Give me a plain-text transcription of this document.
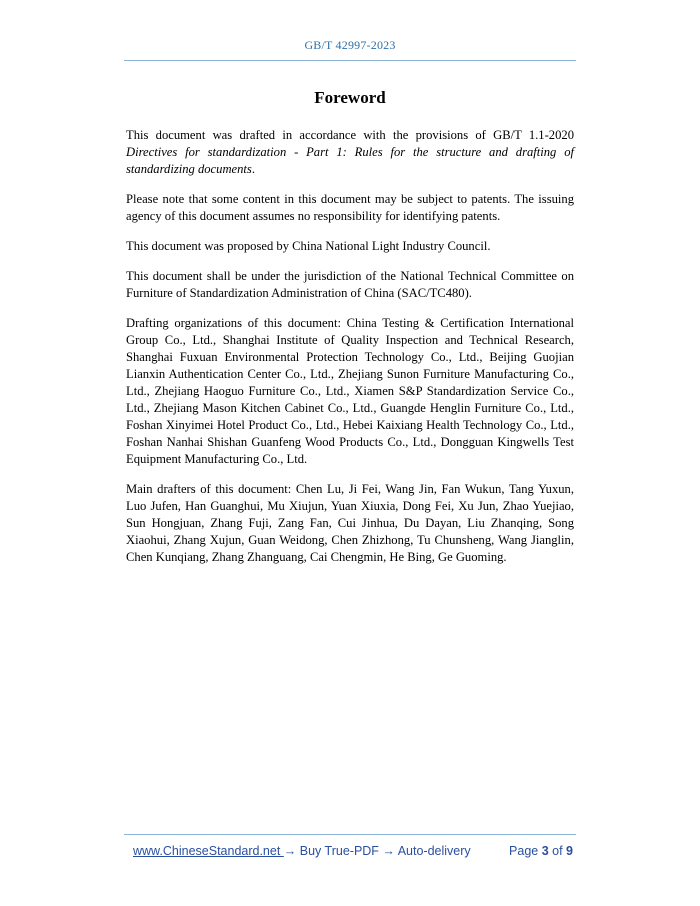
GB/T 42997-2023
Foreword

This document was drafted in accordance with the provisions of GB/T 1.1-2020 Directives for standardization - Part 1: Rules for the structure and drafting of standardizing documents.

Please note that some content in this document may be subject to patents. The issuing agency of this document assumes no responsibility for identifying patents.

This document was proposed by China National Light Industry Council.

This document shall be under the jurisdiction of the National Technical Committee on Furniture of Standardization Administration of China (SAC/TC480).

Drafting organizations of this document: China Testing & Certification International Group Co., Ltd., Shanghai Institute of Quality Inspection and Technical Research, Shanghai Fuxuan Environmental Protection Technology Co., Ltd., Beijing Guojian Lianxin Authentication Center Co., Ltd., Zhejiang Sunon Furniture Manufacturing Co., Ltd., Zhejiang Haoguo Furniture Co., Ltd., Xiamen S&P Standardization Service Co., Ltd., Zhejiang Mason Kitchen Cabinet Co., Ltd., Guangde Henglin Furniture Co., Ltd., Foshan Xinyimei Hotel Product Co., Ltd., Hebei Kaixiang Health Technology Co., Ltd., Foshan Nanhai Shishan Guanfeng Wood Products Co., Ltd., Dongguan Kingwells Test Equipment Manufacturing Co., Ltd.

Main drafters of this document: Chen Lu, Ji Fei, Wang Jin, Fan Wukun, Tang Yuxun, Luo Jufen, Han Guanghui, Mu Xiujun, Yuan Xiuxia, Dong Fei, Xu Jun, Zhao Yuejiao, Sun Hongjuan, Zhang Fuji, Zang Fan, Cui Jinhua, Du Dayan, Liu Zhanqing, Song Xiaohui, Zhang Xujun, Guan Weidong, Chen Zhizhong, Tu Chunsheng, Wang Jianglin, Chen Kunqiang, Zhang Zhanguang, Cai Chengmin, He Bing, Ge Guoming.

www.ChineseStandard.net → Buy True-PDF → Auto-delivery	Page 3 of 9
